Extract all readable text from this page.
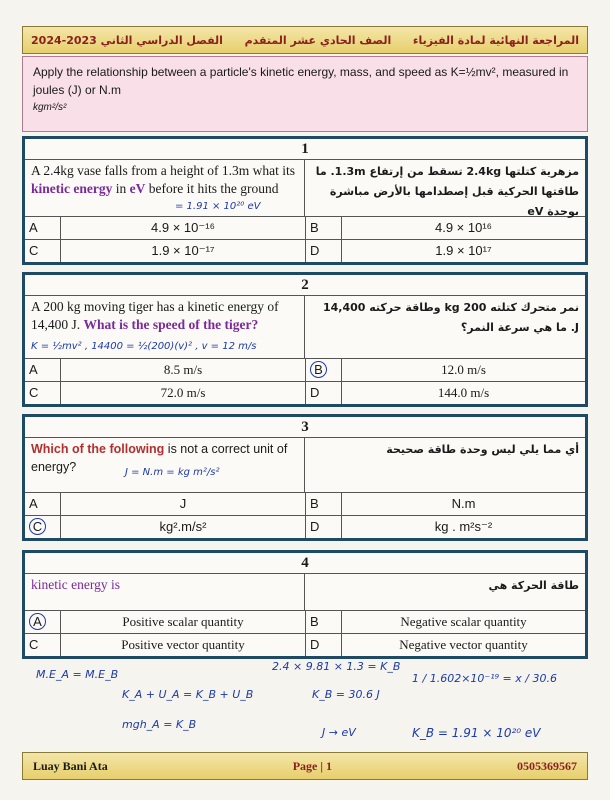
المراجعة النهائية لمادة الفيزياء
الصف الحادي عشر المتقدم
الفصل الدراسي الثاني 2023-2024
Apply the relationship between a particle's kinetic energy, mass, and speed as K=½mv², measured in joules (J) or N.m
kgm²/s²
1
A 2.4kg vase falls from a height of 1.3m what its kinetic energy in eV before it hits the ground
= 1.91 × 10²⁰ eV
مزهرية كتلتها 2.4kg تسقط من إرتفاع 1.3m. ما طاقتها الحركية قبل إصطدامها بالأرض مباشرة بوحدة eV
A	4.9 × 10⁻¹⁶	B	4.9 × 10¹⁶
C	1.9 × 10⁻¹⁷	D	1.9 × 10¹⁷
2
A 200 kg moving tiger has a kinetic energy of 14,400 J. What is the speed of the tiger?
K = ½mv² , 14400 = ½(200)(v)² , v = 12 m/s
نمر متحرك كتلته 200 kg وطاقة حركته 14,400 J. ما هي سرعة النمر؟
A	8.5 m/s	B	12.0 m/s
C	72.0 m/s	D	144.0 m/s
3
Which of the following is not a correct unit of energy?	J = N.m = kg m²/s²
أي مما يلي ليس وحدة طاقة صحيحة
A	J	B	N.m
C	kg².m/s²	D	kg . m²s⁻²
4
kinetic energy is	طاقة الحركة هي
A	Positive scalar quantity	B	Negative scalar quantity
C	Positive vector quantity	D	Negative vector quantity
M.E_A = M.E_B
K_A + U_A = K_B + U_B
mgh_A = K_B
2.4 × 9.81 × 1.3 = K_B
K_B = 30.6 J
1 / 1.602×10⁻¹⁹ = x / 30.6
J → eV	K_B = 1.91 × 10²⁰ eV
Luay Bani Ata	Page | 1	0505369567
